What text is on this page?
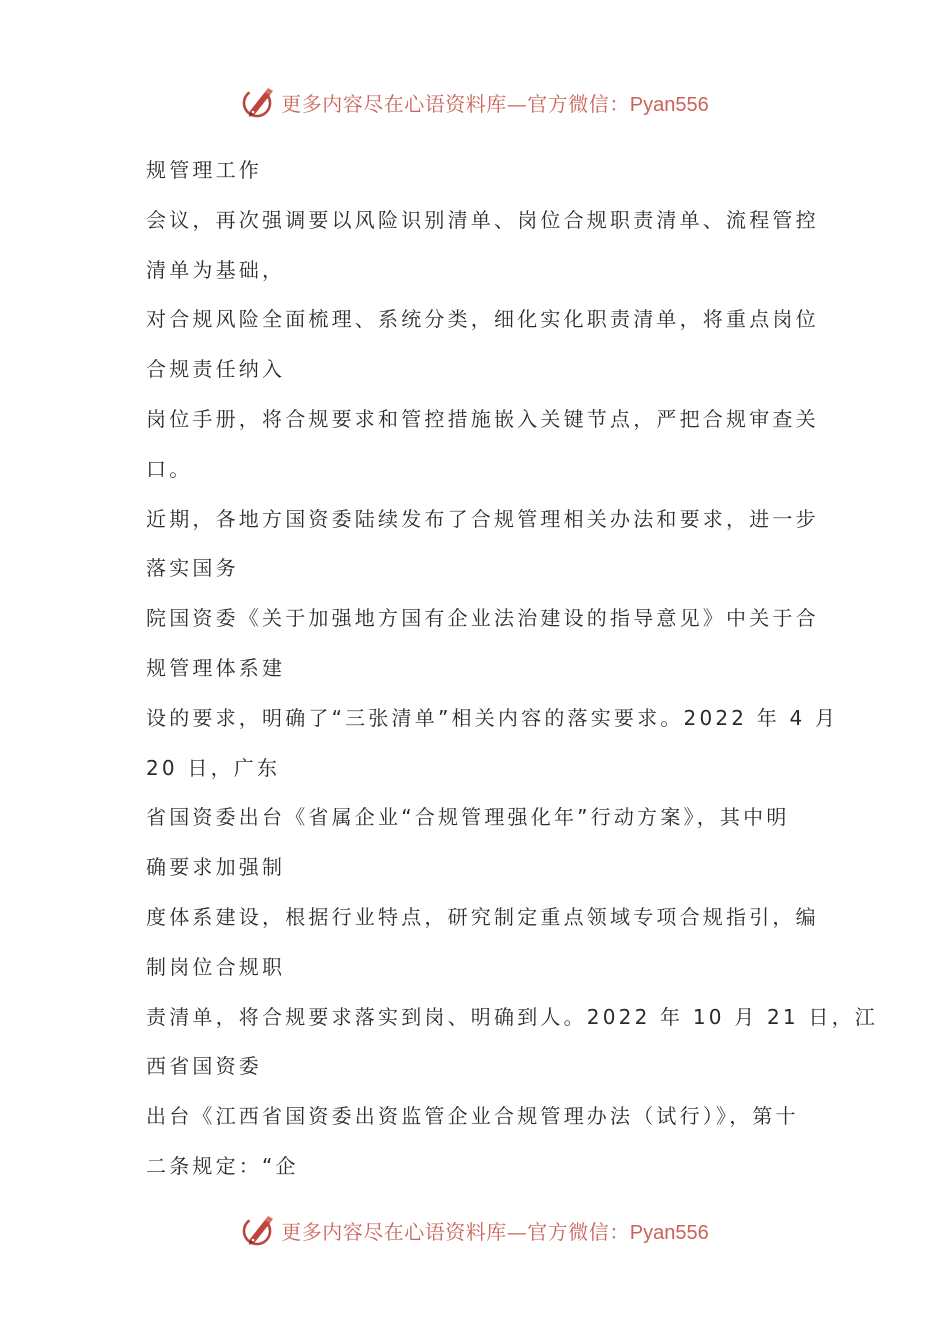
更多内容尽在心语资料库—官方微信：Pyan556
规管理工作
会议，再次强调要以风险识别清单、岗位合规职责清单、流程管控
清单为基础，
对合规风险全面梳理、系统分类，细化实化职责清单，将重点岗位
合规责任纳入
岗位手册，将合规要求和管控措施嵌入关键节点，严把合规审查关
口。
近期，各地方国资委陆续发布了合规管理相关办法和要求，进一步
落实国务
院国资委《关于加强地方国有企业法治建设的指导意见》中关于合
规管理体系建
设的要求，明确了“三张清单”相关内容的落实要求。2022 年 4 月
20 日，广东
省国资委出台《省属企业“合规管理强化年”行动方案》，其中明
确要求加强制
度体系建设，根据行业特点，研究制定重点领域专项合规指引，编
制岗位合规职
责清单，将合规要求落实到岗、明确到人。2022 年 10 月 21 日，江
西省国资委
出台《江西省国资委出资监管企业合规管理办法（试行）》，第十
二条规定：“企
更多内容尽在心语资料库—官方微信：Pyan556
